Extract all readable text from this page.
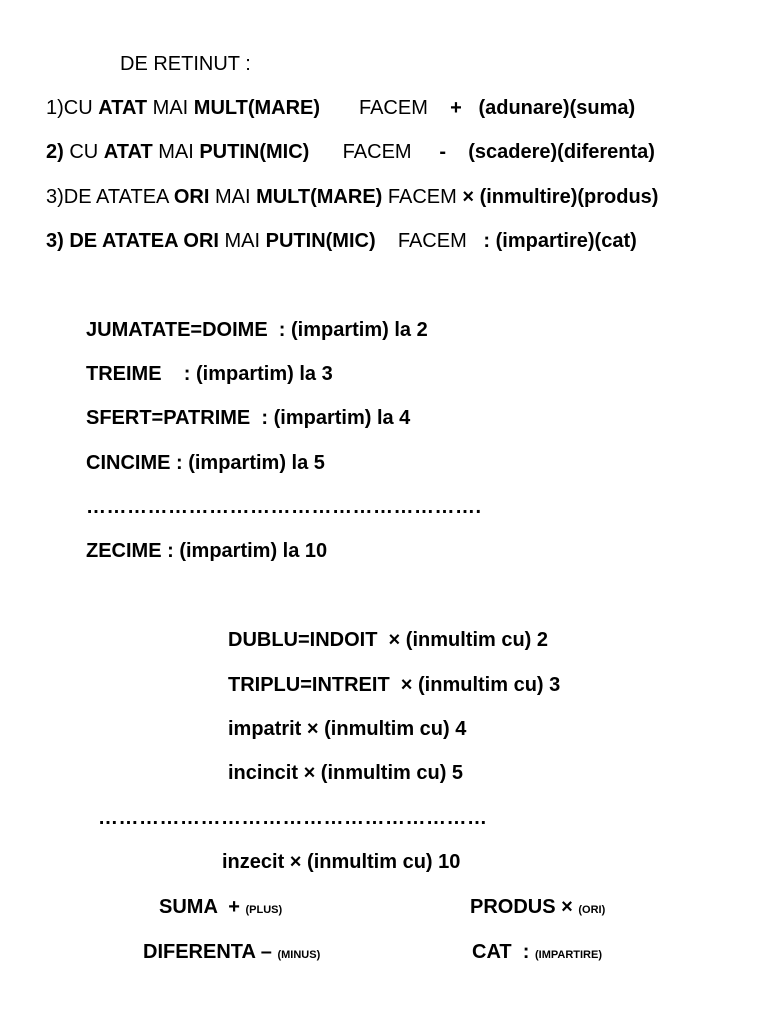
DE RETINUT :

1)CU ATAT MAI MULT(MARE)       FACEM    +   (adunare)(suma)

2) CU ATAT MAI PUTIN(MIC)      FACEM     -    (scadere)(diferenta)

3)DE ATATEA ORI MAI MULT(MARE) FACEM × (inmultire)(produs)

3) DE ATATEA ORI MAI PUTIN(MIC)    FACEM   : (impartire)(cat)

JUMATATE=DOIME  : (impartim) la 2

TREIME    : (impartim) la 3

SFERT=PATRIME  : (impartim) la 4

CINCIME : (impartim) la 5

………………………………………………….

ZECIME : (impartim) la 10

DUBLU=INDOIT  × (inmultim cu) 2

TRIPLU=INTREIT  × (inmultim cu) 3

impatrit × (inmultim cu) 4

incincit × (inmultim cu) 5

…………………………………………………

inzecit × (inmultim cu) 10

SUMA  + (PLUS)	PRODUS × (ORI)

DIFERENTA – (MINUS)	CAT  : (IMPARTIRE)
